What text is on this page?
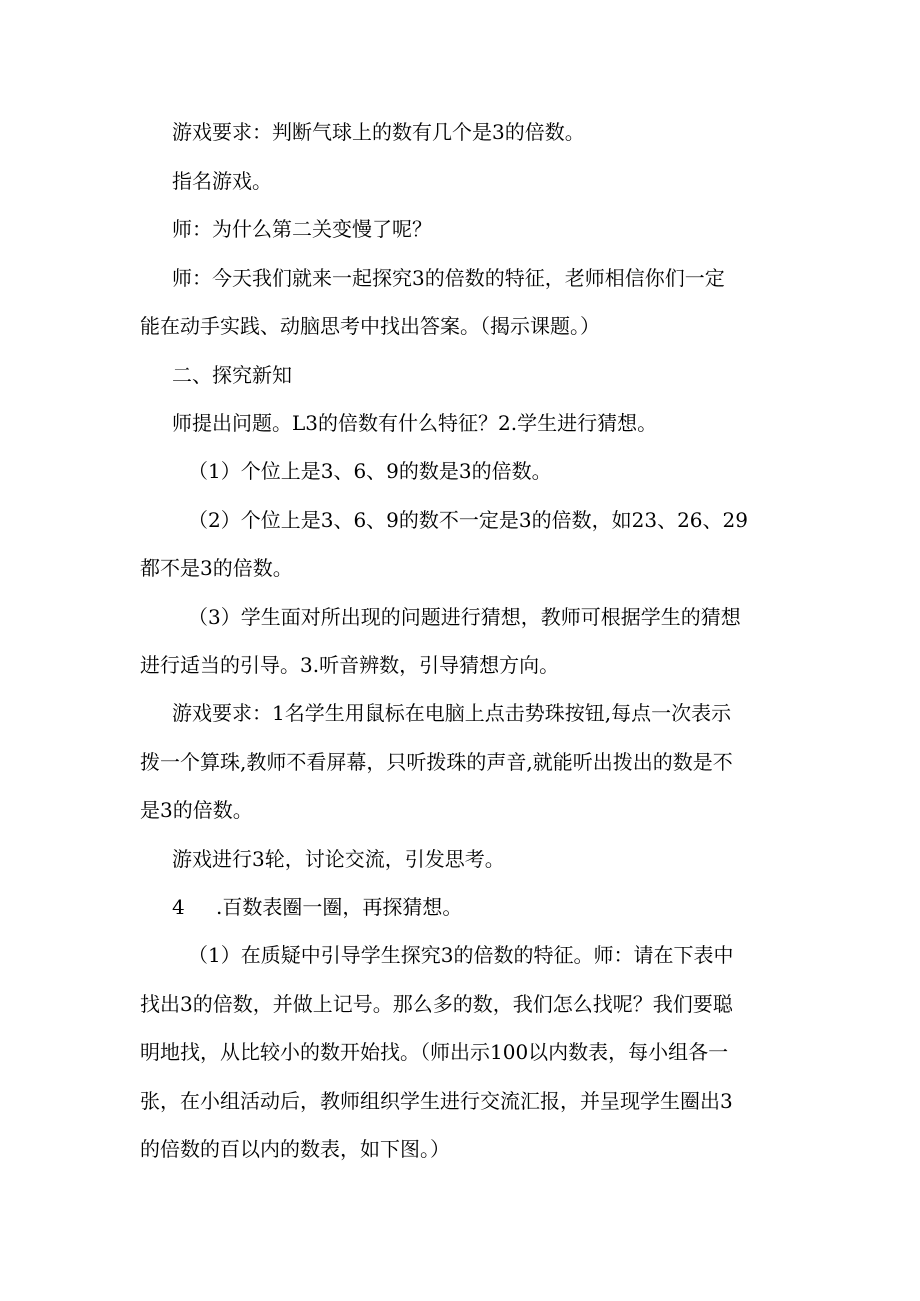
游戏要求：判断气球上的数有几个是3的倍数。
指名游戏。
师：为什么第二关变慢了呢？
师：今天我们就来一起探究3的倍数的特征，老师相信你们一定
能在动手实践、动脑思考中找出答案。（揭示课题。）
二、探究新知
师提出问题。L3的倍数有什么特征？2.学生进行猜想。
（1）个位上是3、6、9的数是3的倍数。
（2）个位上是3、6、9的数不一定是3的倍数，如23、26、29
都不是3的倍数。
（3）学生面对所出现的问题进行猜想，教师可根据学生的猜想
进行适当的引导。3.听音辨数，引导猜想方向。
游戏要求：1名学生用鼠标在电脑上点击势珠按钮,每点一次表示
拨一个算珠,教师不看屏幕，只听拨珠的声音,就能听出拨出的数是不
是3的倍数。
游戏进行3轮，讨论交流，引发思考。
4 .百数表圈一圈，再探猜想。
（1）在质疑中引导学生探究3的倍数的特征。师：请在下表中
找出3的倍数，并做上记号。那么多的数，我们怎么找呢？我们要聪
明地找，从比较小的数开始找。（师出示100以内数表，每小组各一
张，在小组活动后，教师组织学生进行交流汇报，并呈现学生圈出3
的倍数的百以内的数表，如下图。）
